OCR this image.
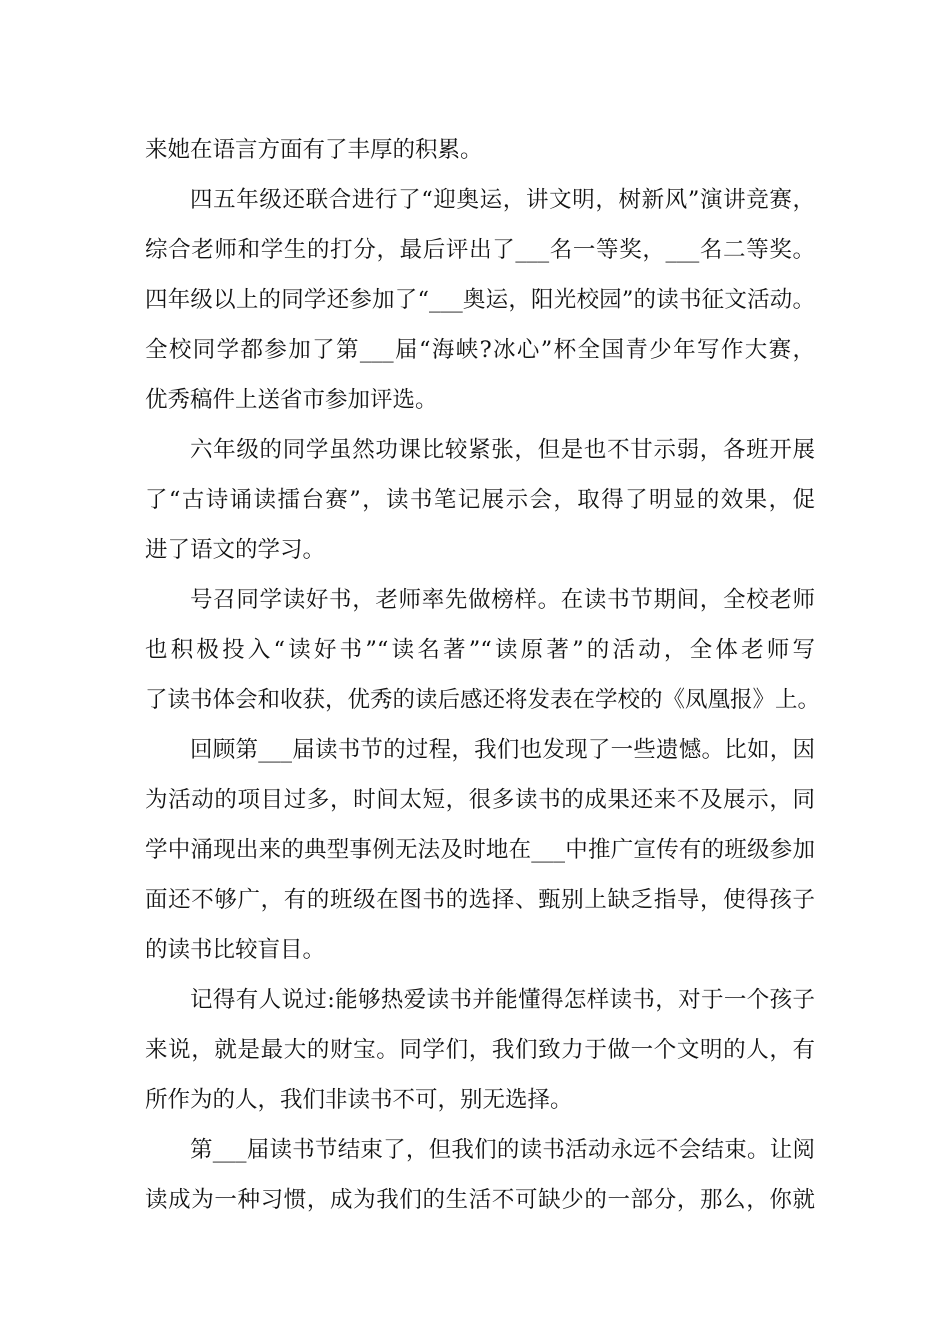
来她在语言方面有了丰厚的积累。
四五年级还联合进行了“迎奥运，讲文明，树新风”演讲竞赛，
综合老师和学生的打分，最后评出了___名一等奖，___名二等奖。
四年级以上的同学还参加了“___奥运，阳光校园”的读书征文活动。
全校同学都参加了第___届“海峡?冰心”杯全国青少年写作大赛，
优秀稿件上送省市参加评选。
六年级的同学虽然功课比较紧张，但是也不甘示弱，各班开展
了“古诗诵读擂台赛”，读书笔记展示会，取得了明显的效果，促
进了语文的学习。
号召同学读好书，老师率先做榜样。在读书节期间，全校老师
也积极投入“读好书”“读名著”“读原著”的活动，全体老师写
了读书体会和收获，优秀的读后感还将发表在学校的《凤凰报》上。
回顾第___届读书节的过程，我们也发现了一些遗憾。比如，因
为活动的项目过多，时间太短，很多读书的成果还来不及展示，同
学中涌现出来的典型事例无法及时地在___中推广宣传有的班级参加
面还不够广，有的班级在图书的选择、甄别上缺乏指导，使得孩子
的读书比较盲目。
记得有人说过:能够热爱读书并能懂得怎样读书，对于一个孩子
来说，就是最大的财宝。同学们，我们致力于做一个文明的人，有
所作为的人，我们非读书不可，别无选择。
第___届读书节结束了，但我们的读书活动永远不会结束。让阅
读成为一种习惯，成为我们的生活不可缺少的一部分，那么，你就
